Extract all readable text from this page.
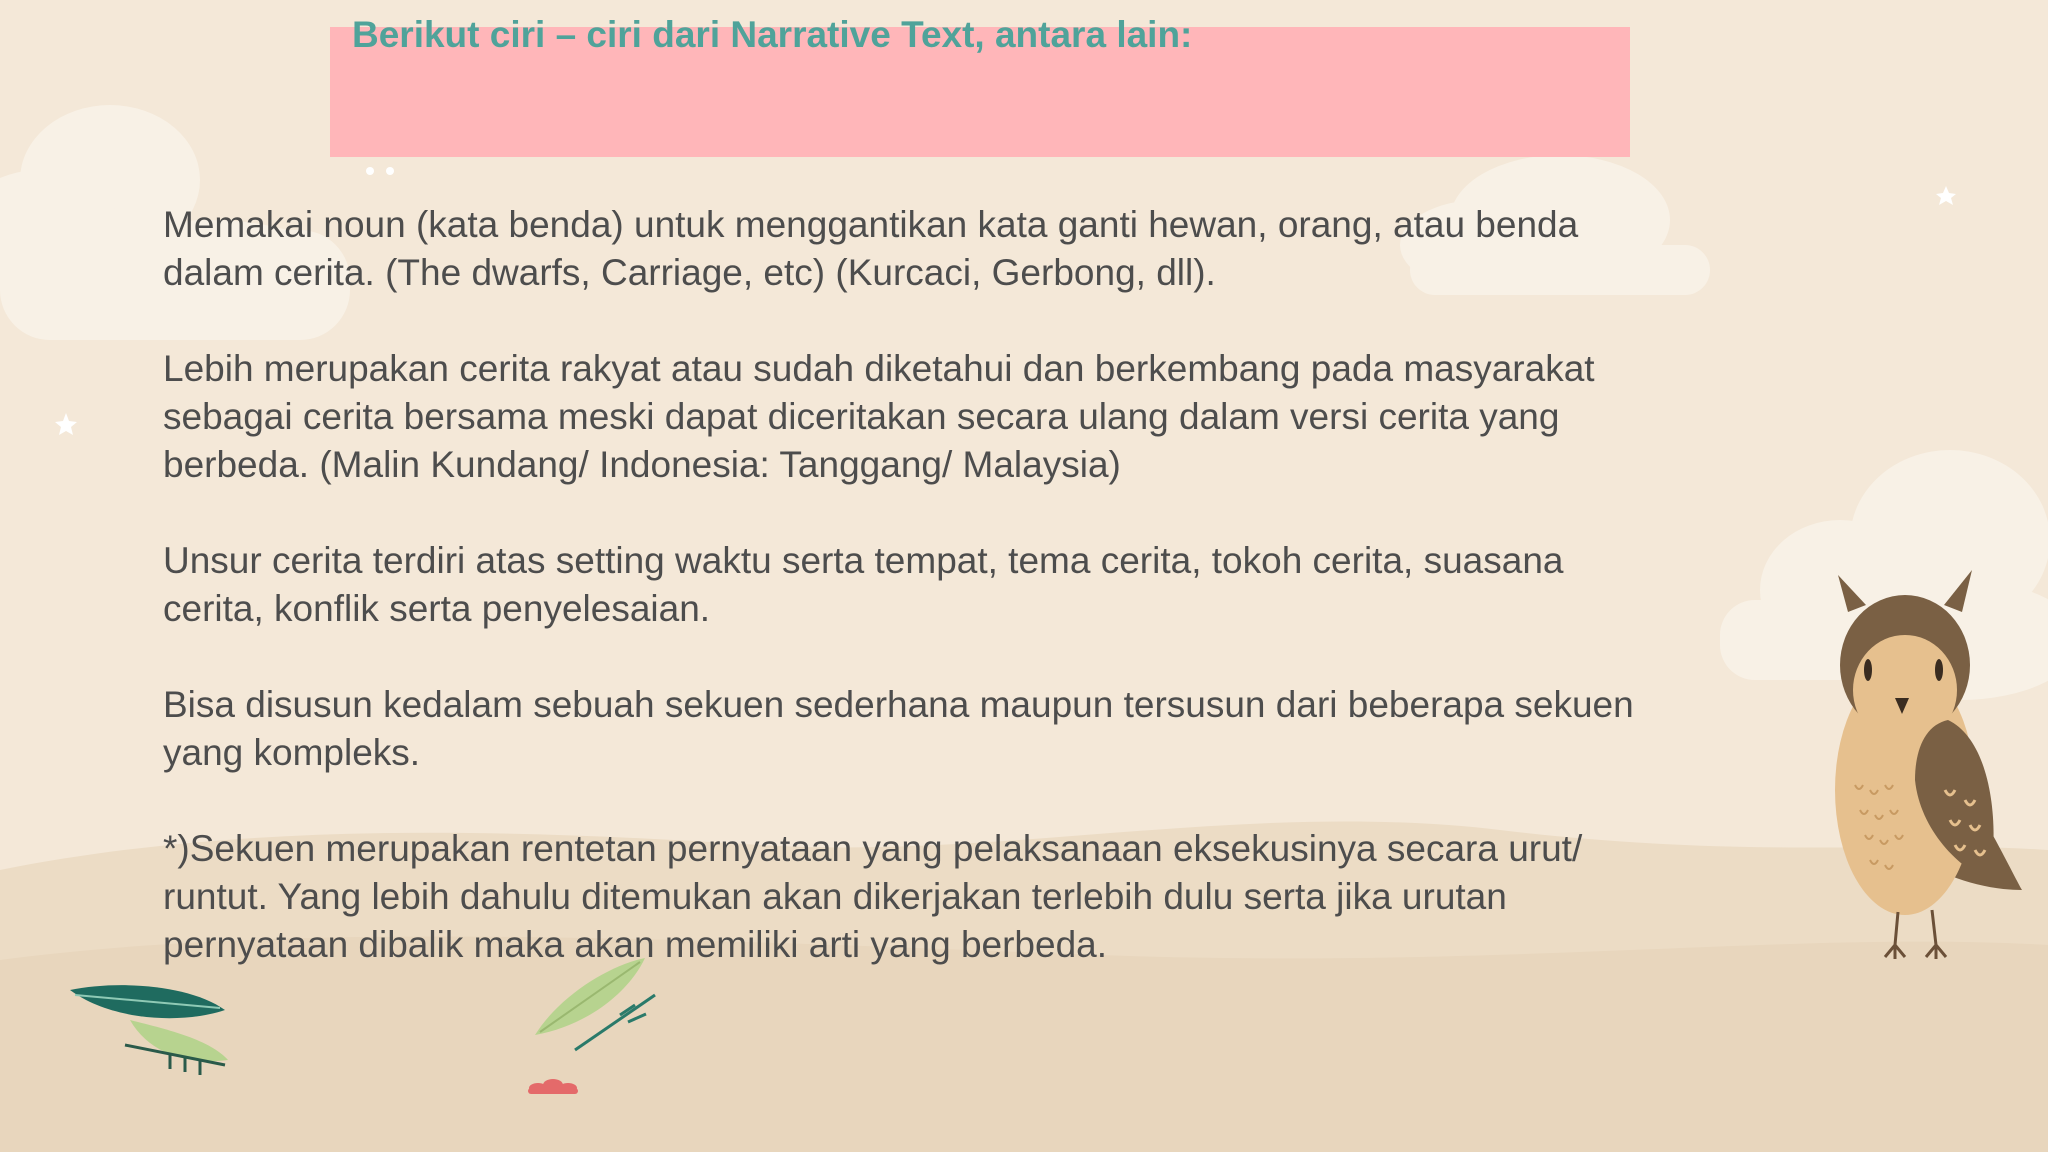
Berikut ciri – ciri dari Narrative Text, antara lain:

Memakai noun (kata benda) untuk menggantikan kata ganti hewan, orang, atau benda
dalam cerita. (The dwarfs, Carriage, etc) (Kurcaci, Gerbong, dll).

Lebih merupakan cerita rakyat atau sudah diketahui dan berkembang pada masyarakat
sebagai cerita bersama meski dapat diceritakan secara ulang dalam versi cerita yang
berbeda. (Malin Kundang/ Indonesia: Tanggang/ Malaysia)

Unsur cerita terdiri atas setting waktu serta tempat, tema cerita, tokoh cerita, suasana
cerita, konflik serta penyelesaian.

Bisa disusun kedalam sebuah sekuen sederhana maupun tersusun dari beberapa sekuen
yang kompleks.

*)Sekuen merupakan rentetan pernyataan yang pelaksanaan eksekusinya secara urut/
runtut. Yang lebih dahulu ditemukan akan dikerjakan terlebih dulu serta jika urutan
pernyataan dibalik maka akan memiliki arti yang berbeda.
